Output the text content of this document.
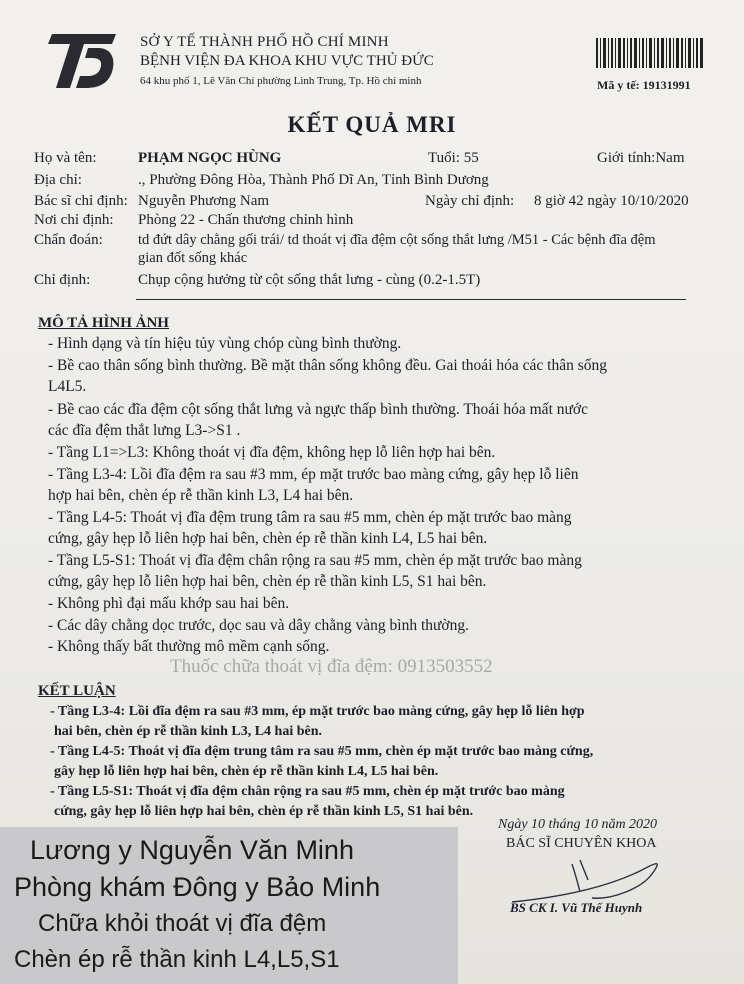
SỞ Y TẾ THÀNH PHỐ HỒ CHÍ MINH
BỆNH VIỆN ĐA KHOA KHU VỰC THỦ ĐỨC
64 khu phố 1, Lê Văn Chí phường Linh Trung, Tp. Hồ chí minh	Mã y tế: 19131991
KẾT QUẢ MRI
Họ và tên:	PHẠM NGỌC HÙNG	Tuổi: 55	Giới tính:Nam
Địa chỉ:	., Phường Đông Hòa, Thành Phố Dĩ An, Tỉnh Bình Dương
Bác sĩ chỉ định: Nguyễn Phương Nam	Ngày chỉ định: 8 giờ 42 ngày 10/10/2020
Nơi chỉ định: Phòng 22 - Chấn thương chỉnh hình
Chẩn đoán: td đứt dây chằng gối trái/ td thoát vị đĩa đệm cột sống thắt lưng /M51 - Các bệnh đĩa đệm
gian đốt sống khác
Chỉ định:	Chụp cộng hưởng từ cột sống thắt lưng - cùng (0.2-1.5T)
MÔ TẢ HÌNH ẢNH
- Hình dạng và tín hiệu tủy vùng chóp cùng bình thường.
- Bề cao thân sống bình thường. Bề mặt thân sống không đều. Gai thoái hóa các thân sống
L4L5.
- Bề cao các đĩa đệm cột sống thắt lưng và ngực thấp bình thường. Thoái hóa mất nước
các đĩa đệm thắt lưng L3->S1 .
- Tầng L1=>L3: Không thoát vị đĩa đệm, không hẹp lỗ liên hợp hai bên.
- Tầng L3-4: Lồi đĩa đệm ra sau #3 mm, ép mặt trước bao màng cứng, gây hẹp lỗ liên
hợp hai bên, chèn ép rễ thần kinh L3, L4 hai bên.
- Tầng L4-5: Thoát vị đĩa đệm trung tâm ra sau #5 mm, chèn ép mặt trước bao màng
cứng, gây hẹp lỗ liên hợp hai bên, chèn ép rễ thần kinh L4, L5 hai bên.
- Tầng L5-S1: Thoát vị đĩa đệm chân rộng ra sau #5 mm, chèn ép mặt trước bao màng
cứng, gây hẹp lỗ liên hợp hai bên, chèn ép rễ thần kinh L5, S1 hai bên.
- Không phì đại mấu khớp sau hai bên.
- Các dây chằng dọc trước, dọc sau và dây chằng vàng bình thường.
- Không thấy bất thường mô mềm cạnh sống.
Thuốc chữa thoát vị đĩa đệm: 0913503552
KẾT LUẬN
- Tầng L3-4: Lồi đĩa đệm ra sau #3 mm, ép mặt trước bao màng cứng, gây hẹp lỗ liên hợp
hai bên, chèn ép rễ thần kinh L3, L4 hai bên.
- Tầng L4-5: Thoát vị đĩa đệm trung tâm ra sau #5 mm, chèn ép mặt trước bao màng cứng,
gây hẹp lỗ liên hợp hai bên, chèn ép rễ thần kinh L4, L5 hai bên.
- Tầng L5-S1: Thoát vị đĩa đệm chân rộng ra sau #5 mm, chèn ép mặt trước bao màng
cứng, gây hẹp lỗ liên hợp hai bên, chèn ép rễ thần kinh L5, S1 hai bên.
Ngày 10 tháng 10 năm 2020
BÁC SĨ CHUYÊN KHOA
BS CK I. Vũ Thế Huynh
Lương y Nguyễn Văn Minh
Phòng khám Đông y Bảo Minh
Chữa khỏi thoát vị đĩa đệm
Chèn ép rễ thần kinh L4,L5,S1
